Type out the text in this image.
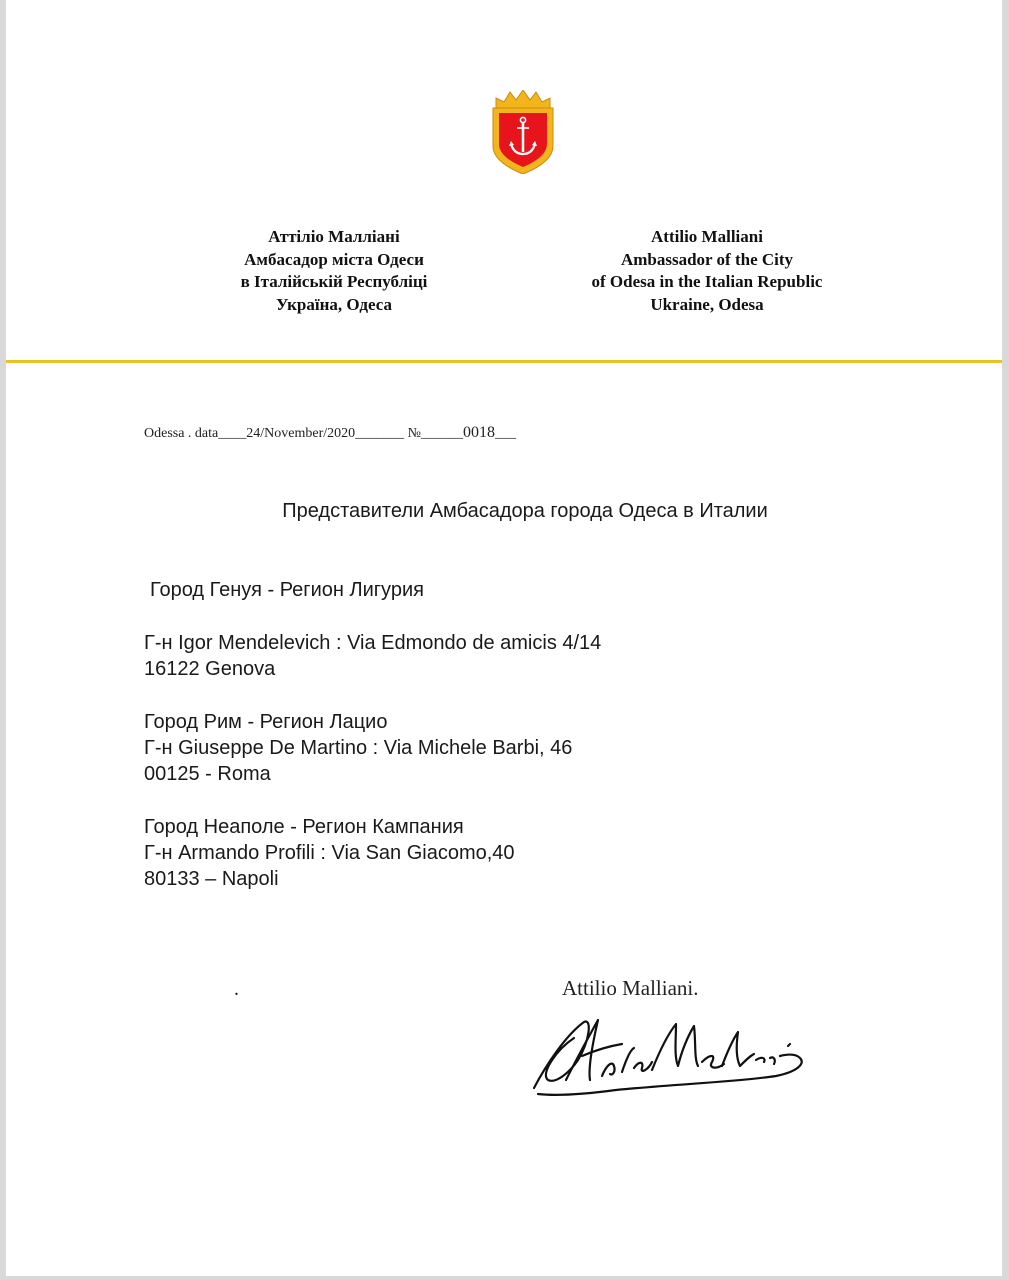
Аттіліо Малліані
Амбасадор міста Одеси
в Італійській Республіці
Україна, Одеса
Attilio Malliani
Ambassador of the City
of Odesa in the Italian Republic
Ukraine, Odesa
Odessa . data____24/November/2020_______ №______0018___
Представители Амбасадора города Одеса в Италии
Город Генуя - Регион Лигурия
Г-н Igor Mendelevich : Via Edmondo de amicis 4/14
16122 Genova
Город Рим - Регион Лацио
Г-н Giuseppe De Martino : Via Michele Barbi, 46
00125 - Roma
Город Неаполе - Регион Кампания
Г-н Armando Profili : Via San Giacomo,40
80133 – Napoli
.	Attilio Malliani.
